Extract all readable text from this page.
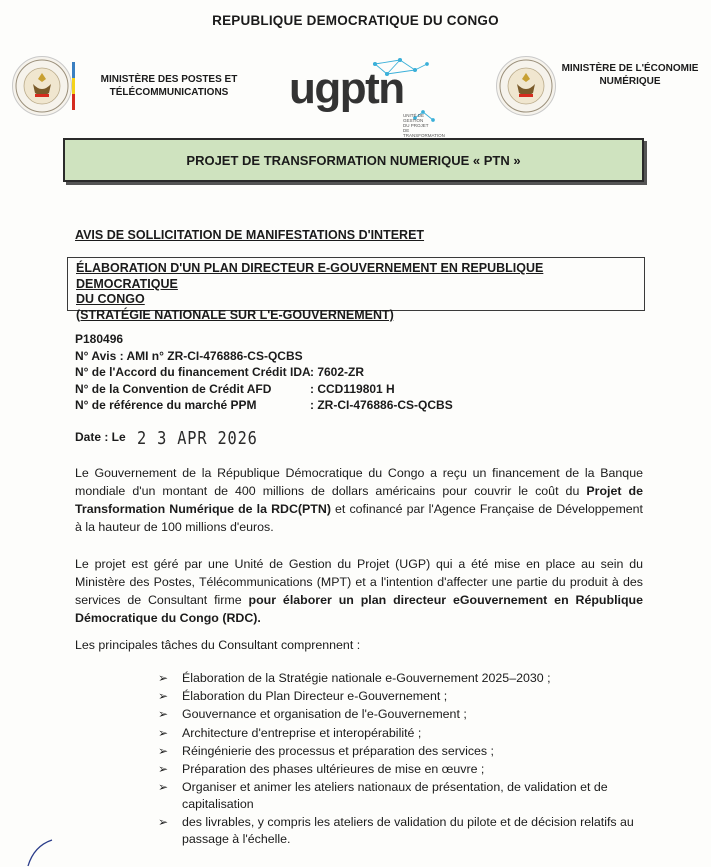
REPUBLIQUE DEMOCRATIQUE DU CONGO
MINISTÈRE DES POSTES ET
TÉLÉCOMMUNICATIONS	ugptn
UNITÉ DE GESTION
DU PROJET
DE TRANSFORMATION
MINISTÈRE DE L'ÉCONOMIE
NUMÉRIQUE
PROJET DE TRANSFORMATION NUMERIQUE « PTN »
AVIS DE SOLLICITATION DE MANIFESTATIONS D'INTERET
ÉLABORATION D'UN PLAN DIRECTEUR E-GOUVERNEMENT EN REPUBLIQUE DEMOCRATIQUE
DU CONGO
(STRATÉGIE NATIONALE SUR L'E-GOUVERNEMENT)
P180496
N° Avis : AMI n° ZR-CI-476886-CS-QCBS
N° de l'Accord du financement Crédit IDA : 7602-ZR
N° de la Convention de Crédit AFD	: CCD119801 H
N° de référence du marché PPM	: ZR-CI-476886-CS-QCBS
Date : Le 2 3 APR 2026
Le Gouvernement de la République Démocratique du Congo a reçu un financement de la Banque mondiale d'un montant de 400 millions de dollars américains pour couvrir le coût du Projet de Transformation Numérique de la RDC(PTN) et cofinancé par l'Agence Française de Développement à la hauteur de 100 millions d'euros.
Le projet est géré par une Unité de Gestion du Projet (UGP) qui a été mise en place au sein du Ministère des Postes, Télécommunications (MPT) et a l'intention d'affecter une partie du produit à des services de Consultant firme pour élaborer un plan directeur eGouvernement en République Démocratique du Congo (RDC).
Les principales tâches du Consultant comprennent :
➢ Élaboration de la Stratégie nationale e-Gouvernement 2025–2030 ;
➢ Élaboration du Plan Directeur e-Gouvernement ;
➢ Gouvernance et organisation de l'e-Gouvernement ;
➢ Architecture d'entreprise et interopérabilité ;
➢ Réingénierie des processus et préparation des services ;
➢ Préparation des phases ultérieures de mise en œuvre ;
➢ Organiser et animer les ateliers nationaux de présentation, de validation et de capitalisation
➢ des livrables, y compris les ateliers de validation du pilote et de décision relatifs au passage à l'échelle.
